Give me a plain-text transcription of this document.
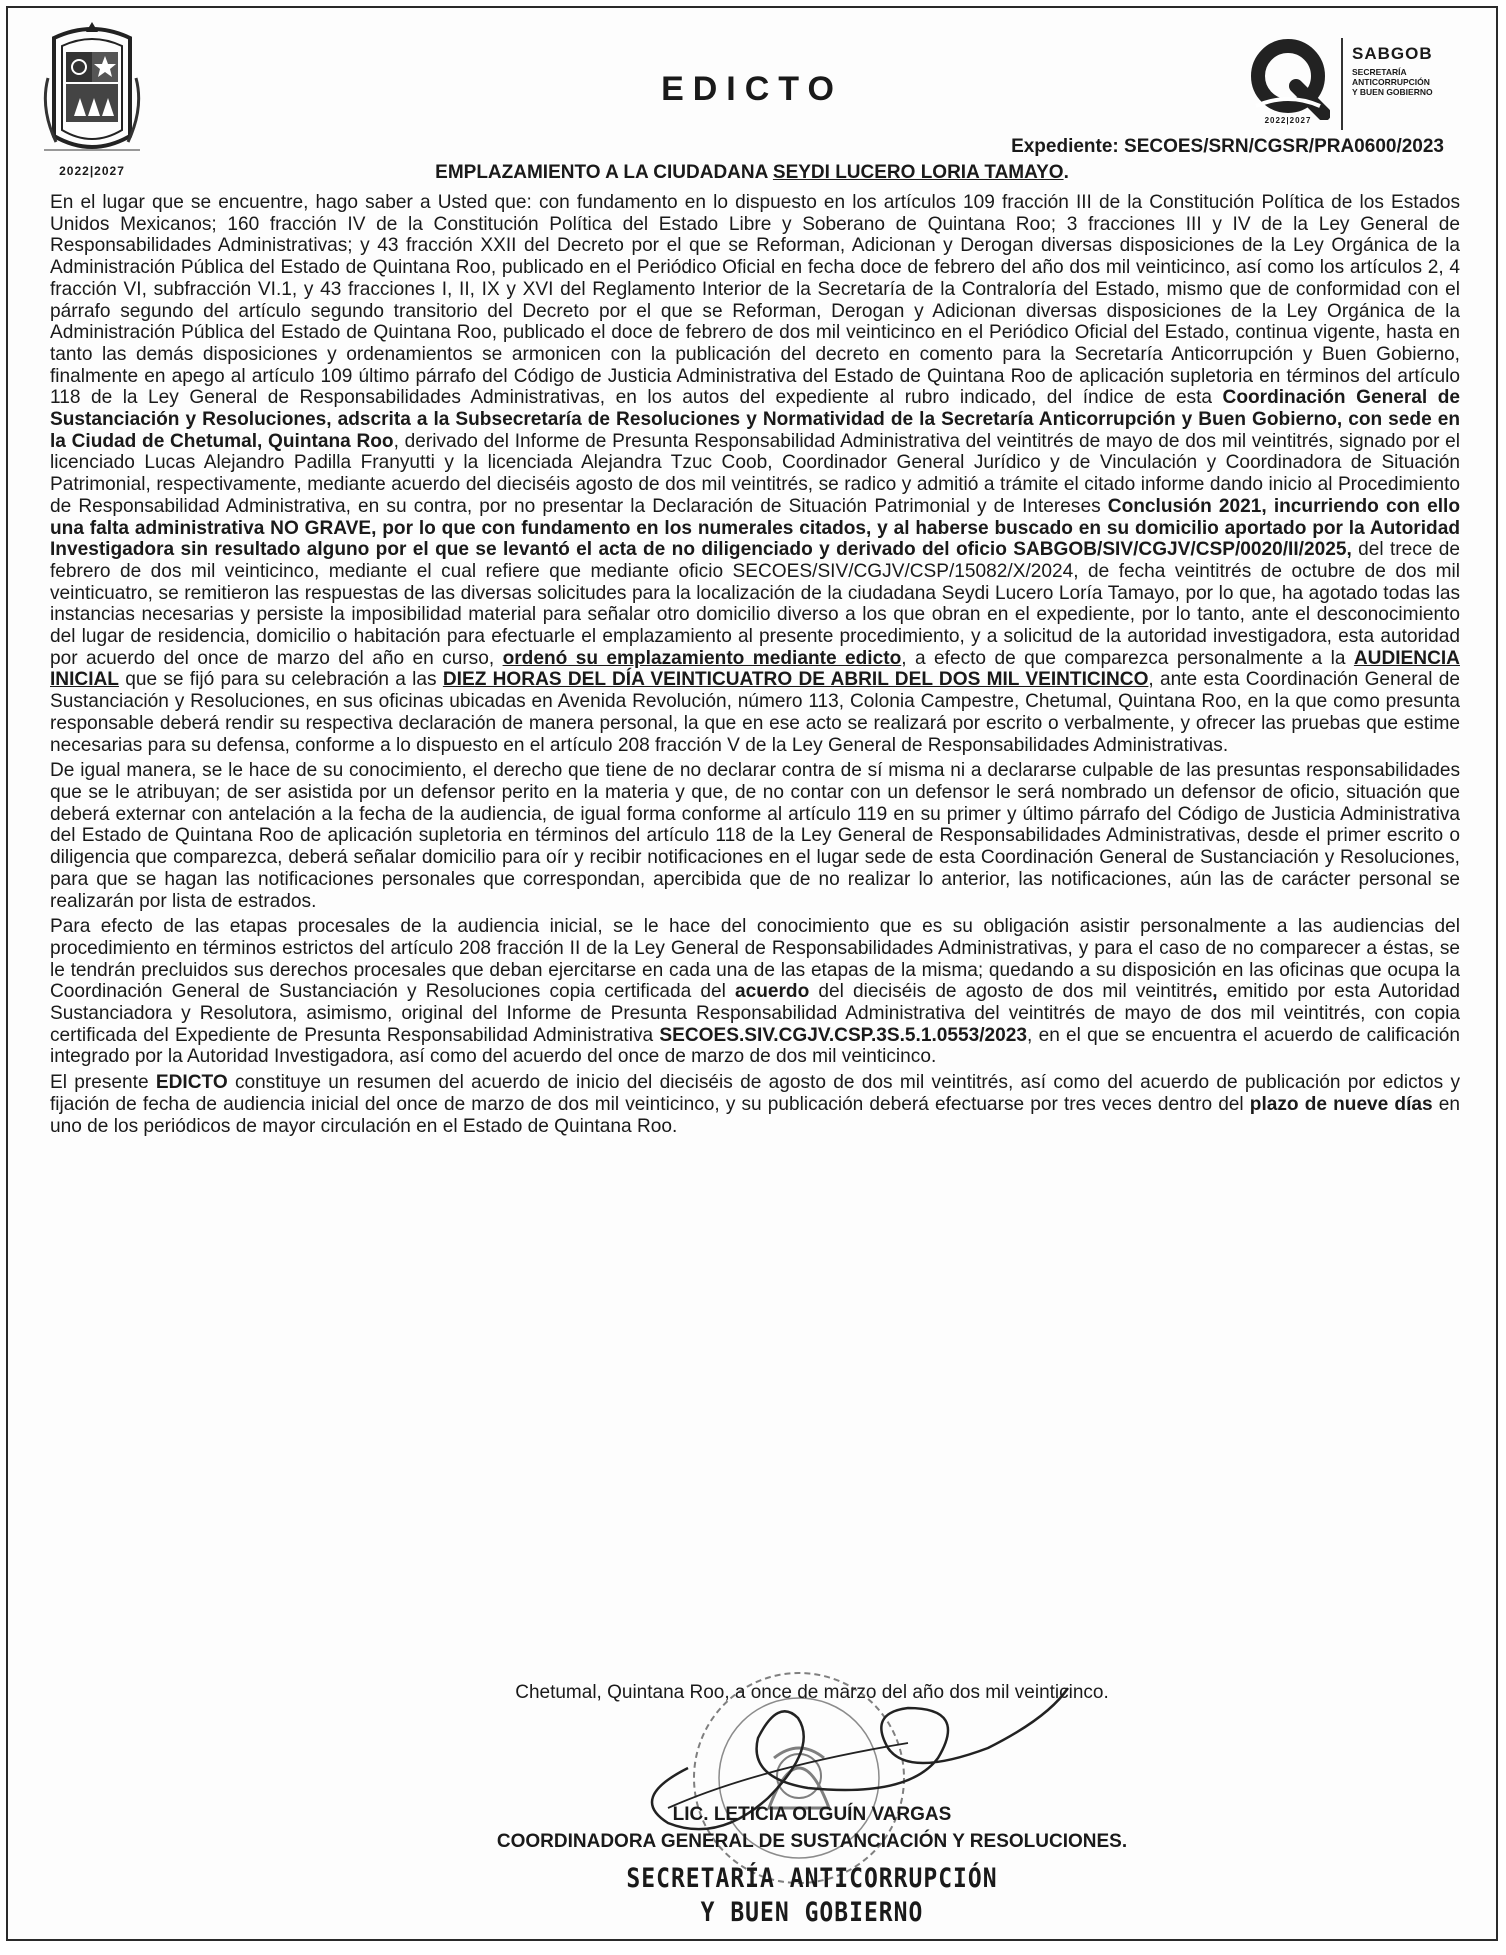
2022|2027
EDICTO
2022|2027
SABGOB
SECRETARÍA
ANTICORRUPCIÓN
Y BUEN GOBIERNO
Expediente: SECOES/SRN/CGSR/PRA0600/2023
EMPLAZAMIENTO A LA CIUDADANA SEYDI LUCERO LORIA TAMAYO.

En el lugar que se encuentre, hago saber a Usted que: con fundamento en lo dispuesto en los artículos 109 fracción III de la Constitución Política de los Estados Unidos Mexicanos; 160 fracción IV de la Constitución Política del Estado Libre y Soberano de Quintana Roo; 3 fracciones III y IV de la Ley General de Responsabilidades Administrativas; y 43 fracción XXII del Decreto por el que se Reforman, Adicionan y Derogan diversas disposiciones de la Ley Orgánica de la Administración Pública del Estado de Quintana Roo, publicado en el Periódico Oficial en fecha doce de febrero del año dos mil veinticinco, así como los artículos 2, 4 fracción VI, subfracción VI.1, y 43 fracciones I, II, IX y XVI del Reglamento Interior de la Secretaría de la Contraloría del Estado, mismo que de conformidad con el párrafo segundo del artículo segundo transitorio del Decreto por el que se Reforman, Derogan y Adicionan diversas disposiciones de la Ley Orgánica de la Administración Pública del Estado de Quintana Roo, publicado el doce de febrero de dos mil veinticinco en el Periódico Oficial del Estado, continua vigente, hasta en tanto las demás disposiciones y ordenamientos se armonicen con la publicación del decreto en comento para la Secretaría Anticorrupción y Buen Gobierno, finalmente en apego al artículo 109 último párrafo del Código de Justicia Administrativa del Estado de Quintana Roo de aplicación supletoria en términos del artículo 118 de la Ley General de Responsabilidades Administrativas, en los autos del expediente al rubro indicado, del índice de esta Coordinación General de Sustanciación y Resoluciones, adscrita a la Subsecretaría de Resoluciones y Normatividad de la Secretaría Anticorrupción y Buen Gobierno, con sede en la Ciudad de Chetumal, Quintana Roo, derivado del Informe de Presunta Responsabilidad Administrativa del veintitrés de mayo de dos mil veintitrés, signado por el licenciado Lucas Alejandro Padilla Franyutti y la licenciada Alejandra Tzuc Coob, Coordinador General Jurídico y de Vinculación y Coordinadora de Situación Patrimonial, respectivamente, mediante acuerdo del dieciséis agosto de dos mil veintitrés, se radico y admitió a trámite el citado informe dando inicio al Procedimiento de Responsabilidad Administrativa, en su contra, por no presentar la Declaración de Situación Patrimonial y de Intereses Conclusión 2021, incurriendo con ello una falta administrativa NO GRAVE, por lo que con fundamento en los numerales citados, y al haberse buscado en su domicilio aportado por la Autoridad Investigadora sin resultado alguno por el que se levantó el acta de no diligenciado y derivado del oficio SABGOB/SIV/CGJV/CSP/0020/II/2025, del trece de febrero de dos mil veinticinco, mediante el cual refiere que mediante oficio SECOES/SIV/CGJV/CSP/15082/X/2024, de fecha veintitrés de octubre de dos mil veinticuatro, se remitieron las respuestas de las diversas solicitudes para la localización de la ciudadana Seydi Lucero Loría Tamayo, por lo que, ha agotado todas las instancias necesarias y persiste la imposibilidad material para señalar otro domicilio diverso a los que obran en el expediente, por lo tanto, ante el desconocimiento del lugar de residencia, domicilio o habitación para efectuarle el emplazamiento al presente procedimiento, y a solicitud de la autoridad investigadora, esta autoridad por acuerdo del once de marzo del año en curso, ordenó su emplazamiento mediante edicto, a efecto de que comparezca personalmente a la AUDIENCIA INICIAL que se fijó para su celebración a las DIEZ HORAS DEL DÍA VEINTICUATRO DE ABRIL DEL DOS MIL VEINTICINCO, ante esta Coordinación General de Sustanciación y Resoluciones, en sus oficinas ubicadas en Avenida Revolución, número 113, Colonia Campestre, Chetumal, Quintana Roo, en la que como presunta responsable deberá rendir su respectiva declaración de manera personal, la que en ese acto se realizará por escrito o verbalmente, y ofrecer las pruebas que estime necesarias para su defensa, conforme a lo dispuesto en el artículo 208 fracción V de la Ley General de Responsabilidades Administrativas.

De igual manera, se le hace de su conocimiento, el derecho que tiene de no declarar contra de sí misma ni a declararse culpable de las presuntas responsabilidades que se le atribuyan; de ser asistida por un defensor perito en la materia y que, de no contar con un defensor le será nombrado un defensor de oficio, situación que deberá externar con antelación a la fecha de la audiencia, de igual forma conforme al artículo 119 en su primer y último párrafo del Código de Justicia Administrativa del Estado de Quintana Roo de aplicación supletoria en términos del artículo 118 de la Ley General de Responsabilidades Administrativas, desde el primer escrito o diligencia que comparezca, deberá señalar domicilio para oír y recibir notificaciones en el lugar sede de esta Coordinación General de Sustanciación y Resoluciones, para que se hagan las notificaciones personales que correspondan, apercibida que de no realizar lo anterior, las notificaciones, aún las de carácter personal se realizarán por lista de estrados.

Para efecto de las etapas procesales de la audiencia inicial, se le hace del conocimiento que es su obligación asistir personalmente a las audiencias del procedimiento en términos estrictos del artículo 208 fracción II de la Ley General de Responsabilidades Administrativas, y para el caso de no comparecer a éstas, se le tendrán precluidos sus derechos procesales que deban ejercitarse en cada una de las etapas de la misma; quedando a su disposición en las oficinas que ocupa la Coordinación General de Sustanciación y Resoluciones copia certificada del acuerdo del dieciséis de agosto de dos mil veintitrés, emitido por esta Autoridad Sustanciadora y Resolutora, asimismo, original del Informe de Presunta Responsabilidad Administrativa del veintitrés de mayo de dos mil veintitrés, con copia certificada del Expediente de Presunta Responsabilidad Administrativa SECOES.SIV.CGJV.CSP.3S.5.1.0553/2023, en el que se encuentra el acuerdo de calificación integrado por la Autoridad Investigadora, así como del acuerdo del once de marzo de dos mil veinticinco.

El presente EDICTO constituye un resumen del acuerdo de inicio del dieciséis de agosto de dos mil veintitrés, así como del acuerdo de publicación por edictos y fijación de fecha de audiencia inicial del once de marzo de dos mil veinticinco, y su publicación deberá efectuarse por tres veces dentro del plazo de nueve días en uno de los periódicos de mayor circulación en el Estado de Quintana Roo.

Chetumal, Quintana Roo, a once de marzo del año dos mil veinticinco.
LIC. LETICIA OLGUÍN VARGAS
COORDINADORA GENERAL DE SUSTANCIACIÓN Y RESOLUCIONES.
SECRETARÍA ANTICORRUPCIÓN
Y BUEN GOBIERNO
